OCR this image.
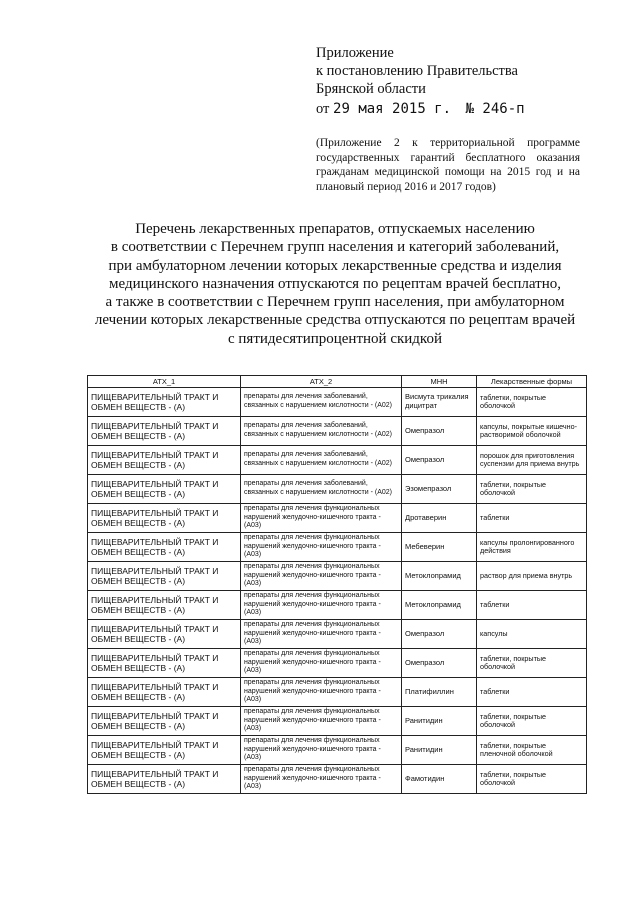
Приложение
к постановлению Правительства
Брянской области
от 29 мая 2015 г. № 246-п
(Приложение 2 к территориальной программе государственных гарантий бесплатного оказания гражданам медицинской помощи на 2015 год и на плановый период 2016 и 2017 годов)
Перечень лекарственных препаратов, отпускаемых населению
в соответствии с Перечнем групп населения и категорий заболеваний,
при амбулаторном лечении которых лекарственные средства и изделия
медицинского назначения отпускаются по рецептам врачей бесплатно,
а также в соответствии с Перечнем групп населения, при амбулаторном
лечении которых лекарственные средства отпускаются по рецептам врачей
с пятидесятипроцентной скидкой
АТХ_1	АТХ_2	МНН	Лекарственные формы
ПИЩЕВАРИТЕЛЬНЫЙ ТРАКТ И ОБМЕН ВЕЩЕСТВ - (А)	препараты для лечения заболеваний, связанных с нарушением кислотности - (А02)	Висмута трикалия дицитрат	таблетки, покрытые оболочкой
ПИЩЕВАРИТЕЛЬНЫЙ ТРАКТ И ОБМЕН ВЕЩЕСТВ - (А)	препараты для лечения заболеваний, связанных с нарушением кислотности - (А02)	Омепразол	капсулы, покрытые кишечно-растворимой оболочкой
ПИЩЕВАРИТЕЛЬНЫЙ ТРАКТ И ОБМЕН ВЕЩЕСТВ - (А)	препараты для лечения заболеваний, связанных с нарушением кислотности - (А02)	Омепразол	порошок для приготовления суспензии для приема внутрь
ПИЩЕВАРИТЕЛЬНЫЙ ТРАКТ И ОБМЕН ВЕЩЕСТВ - (А)	препараты для лечения заболеваний, связанных с нарушением кислотности - (А02)	Эзомепразол	таблетки, покрытые оболочкой
ПИЩЕВАРИТЕЛЬНЫЙ ТРАКТ И ОБМЕН ВЕЩЕСТВ - (А)	препараты для лечения функциональных нарушений желудочно-кишечного тракта - (А03)	Дротаверин	таблетки
ПИЩЕВАРИТЕЛЬНЫЙ ТРАКТ И ОБМЕН ВЕЩЕСТВ - (А)	препараты для лечения функциональных нарушений желудочно-кишечного тракта - (А03)	Мебеверин	капсулы пролонгированного действия
ПИЩЕВАРИТЕЛЬНЫЙ ТРАКТ И ОБМЕН ВЕЩЕСТВ - (А)	препараты для лечения функциональных нарушений желудочно-кишечного тракта - (А03)	Метоклопрамид	раствор для приема внутрь
ПИЩЕВАРИТЕЛЬНЫЙ ТРАКТ И ОБМЕН ВЕЩЕСТВ - (А)	препараты для лечения функциональных нарушений желудочно-кишечного тракта - (А03)	Метоклопрамид	таблетки
ПИЩЕВАРИТЕЛЬНЫЙ ТРАКТ И ОБМЕН ВЕЩЕСТВ - (А)	препараты для лечения функциональных нарушений желудочно-кишечного тракта - (А03)	Омепразол	капсулы
ПИЩЕВАРИТЕЛЬНЫЙ ТРАКТ И ОБМЕН ВЕЩЕСТВ - (А)	препараты для лечения функциональных нарушений желудочно-кишечного тракта - (А03)	Омепразол	таблетки, покрытые оболочкой
ПИЩЕВАРИТЕЛЬНЫЙ ТРАКТ И ОБМЕН ВЕЩЕСТВ - (А)	препараты для лечения функциональных нарушений желудочно-кишечного тракта - (А03)	Платифиллин	таблетки
ПИЩЕВАРИТЕЛЬНЫЙ ТРАКТ И ОБМЕН ВЕЩЕСТВ - (А)	препараты для лечения функциональных нарушений желудочно-кишечного тракта - (А03)	Ранитидин	таблетки, покрытые оболочкой
ПИЩЕВАРИТЕЛЬНЫЙ ТРАКТ И ОБМЕН ВЕЩЕСТВ - (А)	препараты для лечения функциональных нарушений желудочно-кишечного тракта - (А03)	Ранитидин	таблетки, покрытые пленочной оболочкой
ПИЩЕВАРИТЕЛЬНЫЙ ТРАКТ И ОБМЕН ВЕЩЕСТВ - (А)	препараты для лечения функциональных нарушений желудочно-кишечного тракта - (А03)	Фамотидин	таблетки, покрытые оболочкой
